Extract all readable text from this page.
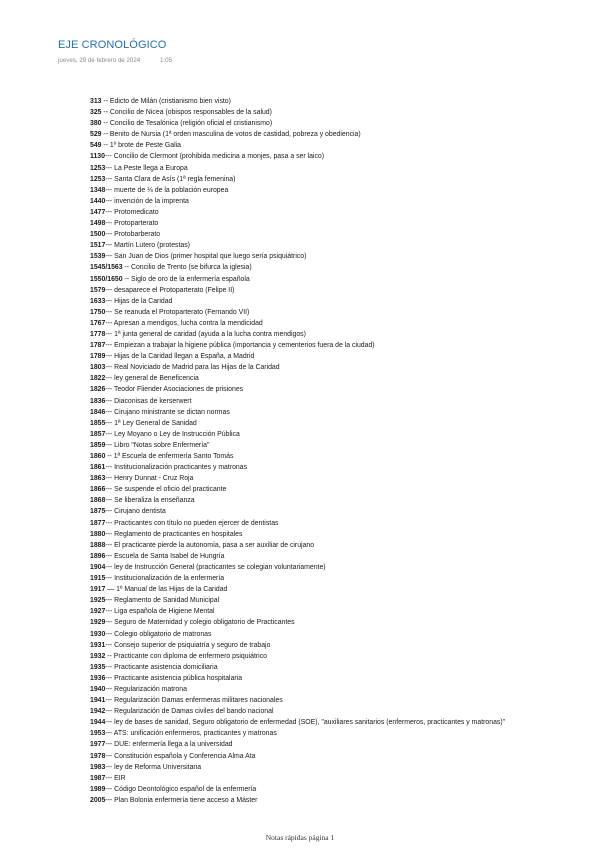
EJE CRONOLÓGICO
jueves, 29 de febrero de 2024	1:05
313 -- Edicto de Milán (cristianismo bien visto)
325 -- Concilio de Nicea (obispos responsables de la salud)
380 -- Concilio de Tesalónica (religión oficial el cristianismo)
529 -- Benito de Nursia (1ª orden masculina de votos de castidad, pobreza y obediencia)
549 -- 1º brote de Peste Galia
1130--- Concilio de Clermont (prohibida medicina a monjes, pasa a ser laico)
1253--- La Peste llega a Europa
1253--- Santa Clara de Asís (1ª regla femenina)
1348--- muerte de ⅓ de la población europea
1440--- invención de la imprenta
1477--- Protomedicato
1498--- Protoparterato
1500--- Protobarberato
1517--- Martín Lutero (protestas)
1539--- San Juan de Dios (primer hospital que luego sería psiquiátrico)
1545/1563 -- Concilio de Trento (se bifurca la iglesia)
1550/1650 -- Siglo de oro de la enfermería española
1579--- desaparece el Protoparterato (Felipe II)
1633--- Hijas de la Caridad
1750--- Se reanuda el Protoparterato (Fernando VII)
1767--- Apresan a mendigos, lucha contra la mendicidad
1778--- 1ª junta general de caridad (ayuda a la lucha contra mendigos)
1787--- Empiezan a trabajar la higiene pública (importancia y cementerios fuera de la ciudad)
1789--- Hijas de la Caridad llegan a España, a Madrid
1803--- Real Noviciado de Madrid para las Hijas de la Caridad
1822--- ley general de Beneficencia
1826--- Teodor Fliender Asociaciones de prisiones
1836--- Diaconisas de kerserwert
1846--- Cirujano ministrante se dictan normas
1855--- 1ª Ley General de Sanidad
1857--- Ley Moyano o Ley de Instrucción Pública
1859--- Libro "Notas sobre Enfermería"
1860 -- 1ª Escuela de enfermería Santo Tomás
1861--- Institucionalización practicantes y matronas
1863--- Henry Dunnat - Cruz Roja
1866--- Se suspende el oficio del practicante
1868--- Se liberaliza la enseñanza
1875--- Cirujano dentista
1877--- Practicantes con título no pueden ejercer de dentistas
1880--- Reglamento de practicantes en hospitales
1888--- El practicante pierde la autonomía, pasa a ser auxiliar de cirujano
1896--- Escuela de Santa Isabel de Hungría
1904--- ley de Instrucción General (practicantes se colegian voluntariamente)
1915--- Institucionalización de la enfermería
1917 — 1º Manual de las Hijas de la Caridad
1925--- Reglamento de Sanidad Municipal
1927--- Liga española de Higiene Mental
1929--- Seguro de Maternidad y colegio obligatorio de Practicantes
1930--- Colegio obligatorio de matronas
1931--- Consejo superior de psiquiatría y seguro de trabajo
1932 -- Practicante con diploma de enfermero psiquiátrico
1935--- Practicante asistencia domiciliaria
1936--- Practicante asistencia pública hospitalaria
1940--- Regularización matrona
1941--- Regularización Damas enfermeras militares nacionales
1942--- Regularización de Damas civiles del bando nacional
1944--- ley de bases de sanidad, Seguro obligatorio de enfermedad (SOE), "auxiliares sanitarios (enfermeros, practicantes y matronas)"
1953--- ATS: unificación enfermeros, practicantes y matronas
1977--- DUE: enfermería llega a la universidad
1978--- Constitución española y Conferencia Alma Ata
1983--- ley de Reforma Universitaria
1987--- EIR
1989--- Código Deontológico español de la enfermería
2005--- Plan Bolonia enfermería tiene acceso a Máster
Notas rápidas página 1
